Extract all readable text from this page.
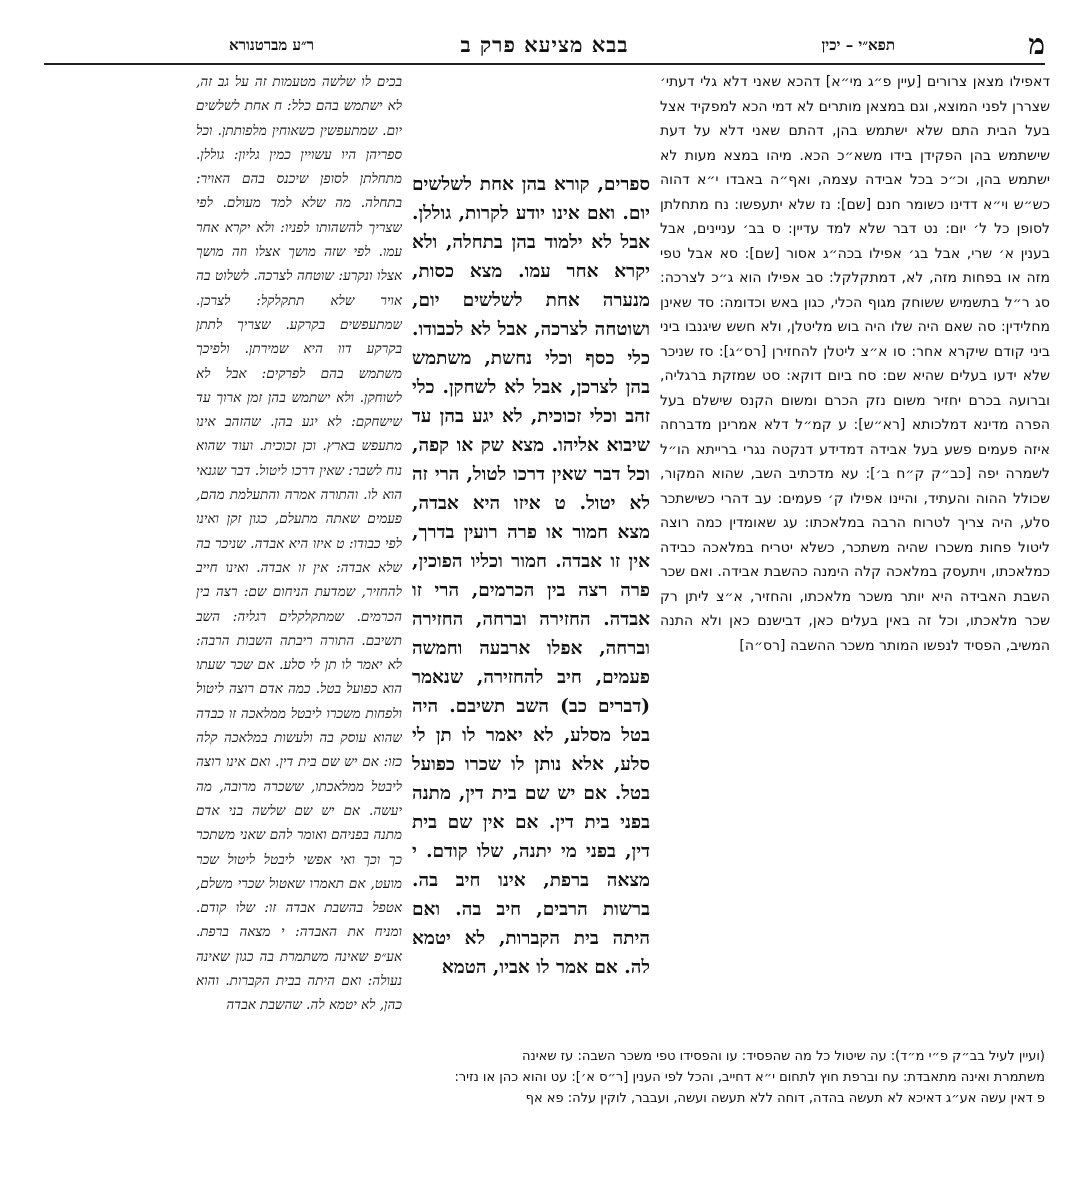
מ
תפא״י – יכין
בבא מציעא פרק ב
ר״ע מברטנורא

דאפילו מצאן צרורים [עיין פ״ג מי״א] דהכא שאני דלא גלי דעתי׳ שצררן לפני המוצא, וגם במצאן מותרים לא דמי הכא למפקיד אצל בעל הבית התם שלא ישתמש בהן, דהתם שאני דלא על דעת שישתמש בהן הפקידן בידו משא״כ הכא. מיהו במצא מעות לא ישתמש בהן, וכ״כ בכל אבידה עצמה, ואף״ה באבדו י״א דהוה כש״ש וי״א דדינו כשומר חנם [שם]: נז שלא יתעפשו: נח מתחלתן לסופן כל ל׳ יום: נט דבר שלא למד עדיין: ס בב׳ עניינים, אבל בענין א׳ שרי, אבל בג׳ אפילו בכה״ג אסור [שם]: סא אבל טפי מזה או בפחות מזה, לא, דמתקלקל: סב אפילו הוא ג״כ לצרכה: סג ר״ל בתשמיש ששוחק מגוף הכלי, כגון באש וכדומה: סד שאינן מחלידין: סה שאם היה שלו היה בוש מליטלן, ולא חשש שיגנבו ביני ביני קודם שיקרא אחר: סו א״צ ליטלן להחזירן [רס״ג]: סז שניכר שלא ידעו בעלים שהיא שם: סח ביום דוקא: סט שמזקת ברגליה, וברועה בכרם יחזיר משום נזק הכרם ומשום הקנס שישלם בעל הפרה מדינא דמלכותא [רא״ש]: ע קמ״ל דלא אמרינן מדברחה איזה פעמים פשע בעל אבידה דמדידע דנקטה נגרי ברייתא הו״ל לשמרה יפה [כב״ק ק״ח ב׳]: עא מדכתיב השב, שהוא המקור, שכולל ההוה והעתיד, והיינו אפילו ק׳ פעמים: עב דהרי כשישתכר סלע, היה צריך לטרוח הרבה במלאכתו: עג שאומדין כמה רוצה ליטול פחות משכרו שהיה משתכר, כשלא יטריח במלאכה כבידה כמלאכתו, ויתעסק במלאכה קלה הימנה כהשבת אבידה. ואם שכר השבת האבידה היא יותר משכר מלאכתו, והחזיר, א״צ ליתן רק שכר מלאכתו, וכל זה באין בעלים כאן, דבישנם כאן ולא התנה המשיב, הפסיד לנפשו המותר משכר ההשבה [רס״ה]

ספרים, קורא בהן אחת לשלשים יום. ואם אינו יודע לקרות, גוללן. אבל לא ילמוד בהן בתחלה, ולא יקרא אחר עמו. מצא כסות, מנערה אחת לשלשים יום, ושוטחה לצרכה, אבל לא לכבודו. כלי כסף וכלי נחשת, משתמש בהן לצרכן, אבל לא לשחקן. כלי זהב וכלי זכוכית, לא יגע בהן עד שיבוא אליהו. מצא שק או קפה, וכל דבר שאין דרכו לטול, הרי זה לא יטול. ט איזו היא אבדה, מצא חמור או פרה רועין בדרך, אין זו אבדה. חמור וכליו הפוכין, פרה רצה בין הכרמים, הרי זו אבדה. החזירה וברחה, החזירה וברחה, אפלו ארבעה וחמשה פעמים, חיב להחזירה, שנאמר (דברים כב) השב תשיבם. היה בטל מסלע, לא יאמר לו תן לי סלע, אלא נותן לו שכרו כפועל בטל. אם יש שם בית דין, מתנה בפני בית דין. אם אין שם בית דין, בפני מי יתנה, שלו קודם. י מצאה ברפת, אינו חיב בה. ברשות הרבים, חיב בה. ואם היתה בית הקברות, לא יטמא לה. אם אמר לו אביו, הטמא

בכים לו שלשה מטעמות זה על גב זה, לא ישתמש בהם כלל: ח אחת לשלשים יום. שמתעפשין כשאוחין מלפותתן. וכל ספריהן היו עשויין כמין גליון: גוללן. מתחלתן לסופן שיכנס בהם האויר: בתחלה. מה שלא למד מעולם. לפי שצריך להשהותו לפניו: ולא יקרא אחר עמו. לפי שזה מושך אצלו וזה מושך אצלו ונקרע: שוטחה לצרכה. לשלוט בה אויר שלא תתקלקל: לצרכן. שמתעפשים בקרקע. שצריך לתתן בקרקע דוו היא שמירתן. ולפיכך משתמש בהם לפרקים: אבל לא לשוחקן. ולא ישתמש בהן זמן ארוך עד שישחקם: לא יגע בהן. שהזהב אינו מתעפש בארץ. וכן זכוכית. ועוד שהוא נוח לשבר: שאין דרכו ליטול. דבר שגנאי הוא לו. והתורה אמרה והתעלמת מהם, פעמים שאתה מתעלם, כגון זקן ואינו לפי כבודו: ט איזו היא אבדה. שניכר בה שלא אבדה: אין זו אבדה. ואינו חייב להחזיר, שמדעת הניחום שם: רצה בין הכרמים. שמתקלקלים רגליה: השב תשיבם. התורה ריבתה השבות הרבה: לא יאמר לו תן לי סלע. אם שכר שעתו הוא כפועל בטל. כמה אדם רוצה ליטול ולפחות משכרו ליבטל ממלאכה זו כבדה שהוא עוסק בה ולעשות במלאכה קלה כזו: אם יש שם בית דין. ואם אינו רוצה ליבטל ממלאכתו, ששכרה מרובה, מה יעשה. אם יש שם שלשה בני אדם מתנה בפניהם ואומר להם שאני משתכר כך וכך ואי אפשי ליבטל ליטול שכר מועט, אם תאמרו שאטול שכרי משלם, אטפל בהשבת אבדה זו: שלו קודם. ומניח את האבדה: י מצאה ברפת. אע״פ שאינה משתמרת בה כגון שאינה נעולה: ואם היתה בבית הקברות. והוא כהן, לא יטמא לה. שהשבת אבדה

(ועיין לעיל בב״ק פ״י מ״ד): עה שיטול כל מה שהפסיד: עו והפסידו טפי משכר השבה: עז שאינה

משתמרת ואינה מתאבדת: עח וברפת חוץ לתחום י״א דחייב, והכל לפי הענין [ר״ס א׳]: עט והוא כהן או נזיר:

פ דאין עשה אע״ג דאיכא לא תעשה בהדה, דוחה ללא תעשה ועשה, ועבבר, לוקין עלה: פא אף
